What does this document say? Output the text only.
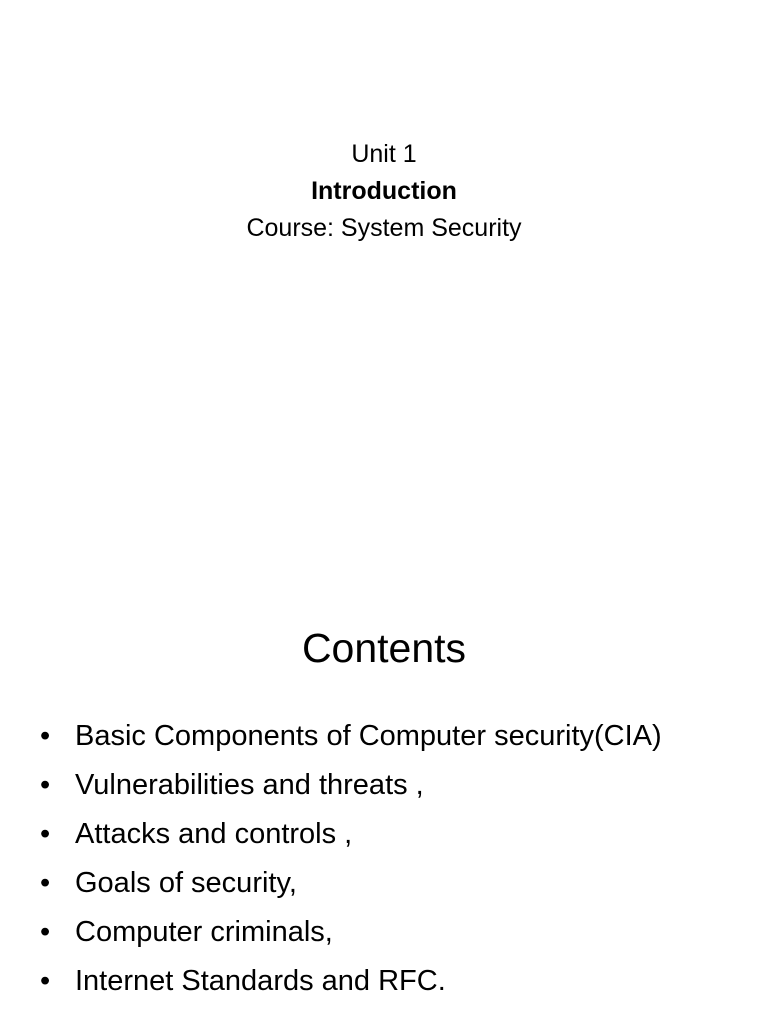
Unit 1
Introduction
Course: System Security
Contents
• Basic Components of Computer security(CIA)
• Vulnerabilities and threats ,
• Attacks and controls ,
• Goals of security,
• Computer criminals,
• Internet Standards and RFC.
